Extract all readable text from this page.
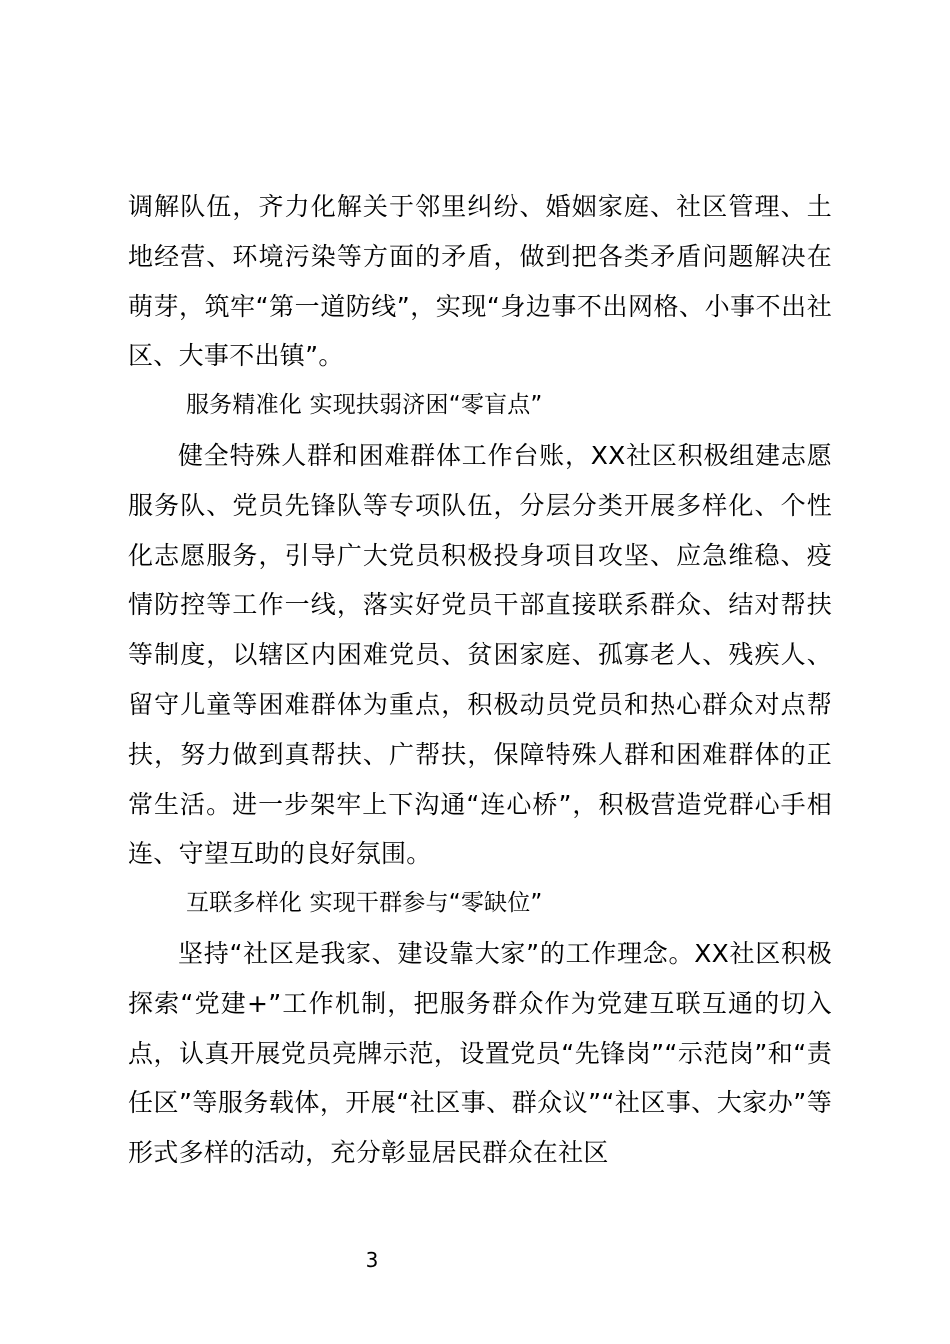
调解队伍，齐力化解关于邻里纠纷、婚姻家庭、社区管理、土地经营、环境污染等方面的矛盾，做到把各类矛盾问题解决在萌芽，筑牢“第一道防线”，实现“身边事不出网格、小事不出社区、大事不出镇”。

服务精准化 实现扶弱济困“零盲点”

健全特殊人群和困难群体工作台账，XX社区积极组建志愿服务队、党员先锋队等专项队伍，分层分类开展多样化、个性化志愿服务，引导广大党员积极投身项目攻坚、应急维稳、疫情防控等工作一线，落实好党员干部直接联系群众、结对帮扶等制度，以辖区内困难党员、贫困家庭、孤寡老人、残疾人、留守儿童等困难群体为重点，积极动员党员和热心群众对点帮扶，努力做到真帮扶、广帮扶，保障特殊人群和困难群体的正常生活。进一步架牢上下沟通“连心桥”，积极营造党群心手相连、守望互助的良好氛围。

互联多样化 实现干群参与“零缺位”

坚持“社区是我家、建设靠大家”的工作理念。XX社区积极探索“党建+”工作机制，把服务群众作为党建互联互通的切入点，认真开展党员亮牌示范，设置党员“先锋岗”“示范岗”和“责任区”等服务载体，开展“社区事、群众议”“社区事、大家办”等形式多样的活动，充分彰显居民群众在社区

3
